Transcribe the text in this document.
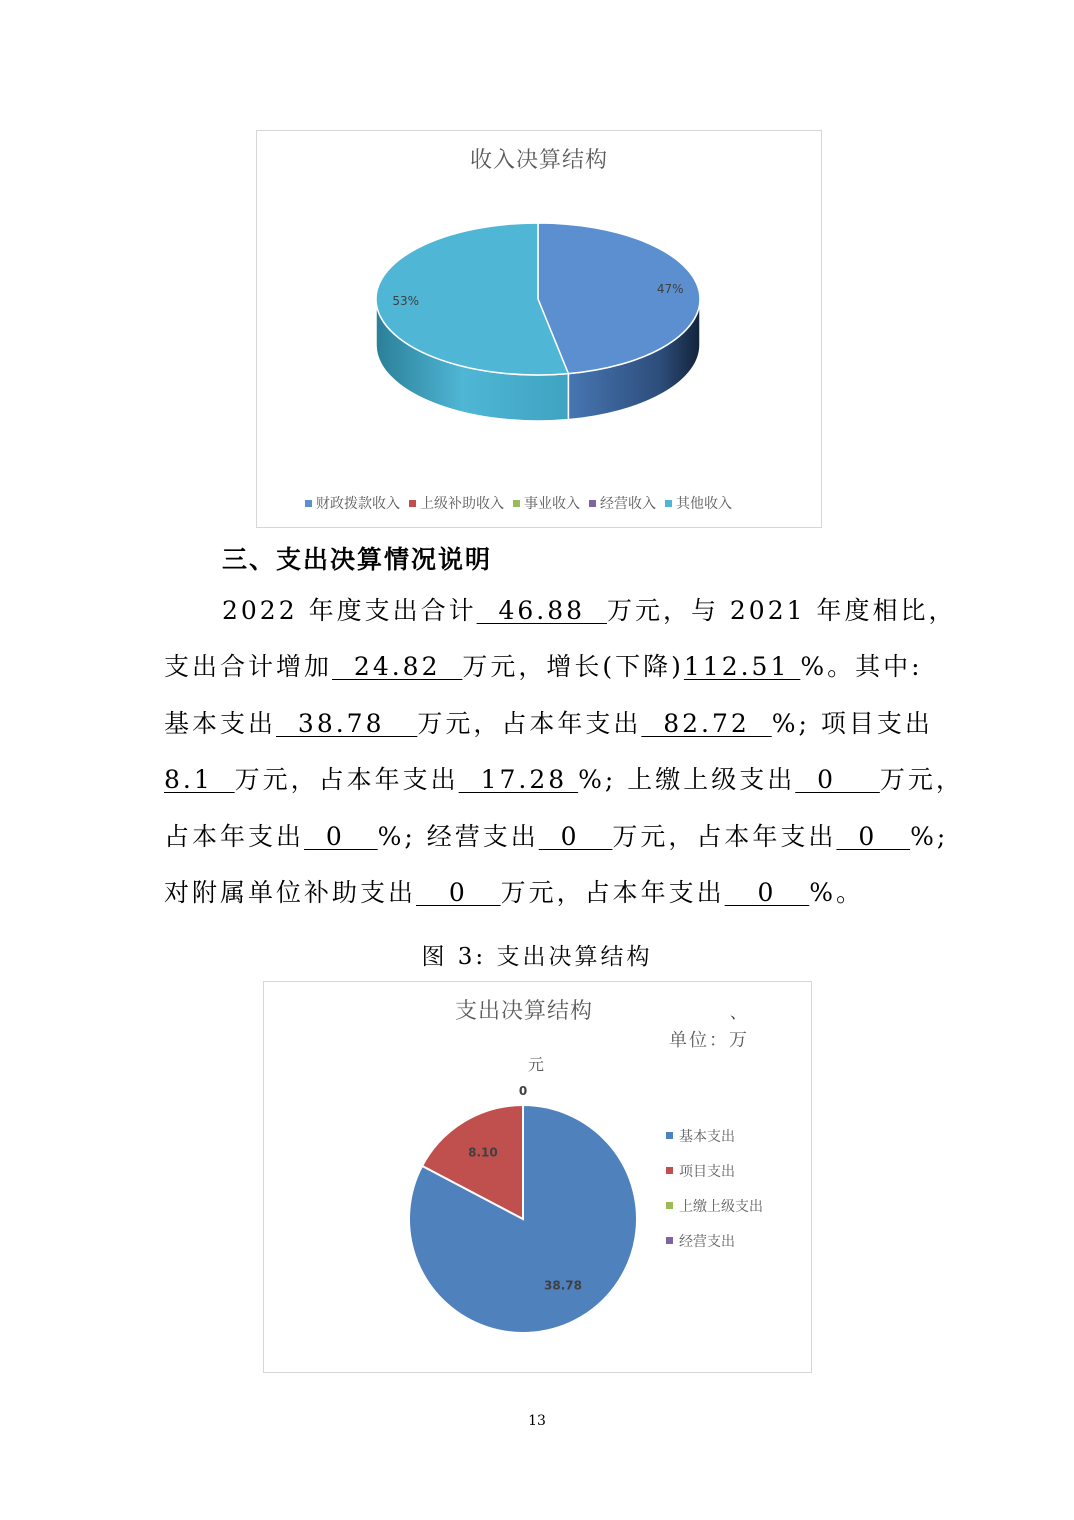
收入决算结构
47%
53%
财政拨款收入 上级补助收入 事业收入 经营收入 其他收入
三、支出决算情况说明
2022 年度支出合计  46.88  万元，与 2021 年度相比，
支出合计增加  24.82  万元，增长(下降)112.51 %。其中:
基本支出  38.78   万元，占本年支出  82.72  %; 项目支出
8.1  万元，占本年支出  17.28 %; 上缴上级支出  0    万元，
占本年支出  0   %; 经营支出  0   万元，占本年支出  0   %;
对附属单位补助支出   0   万元，占本年支出   0   %。
图 3: 支出决算结构
支出决算结构	、
单位：万
元
38.78
8.10
0
基本支出
项目支出
上缴上级支出
经营支出
13
